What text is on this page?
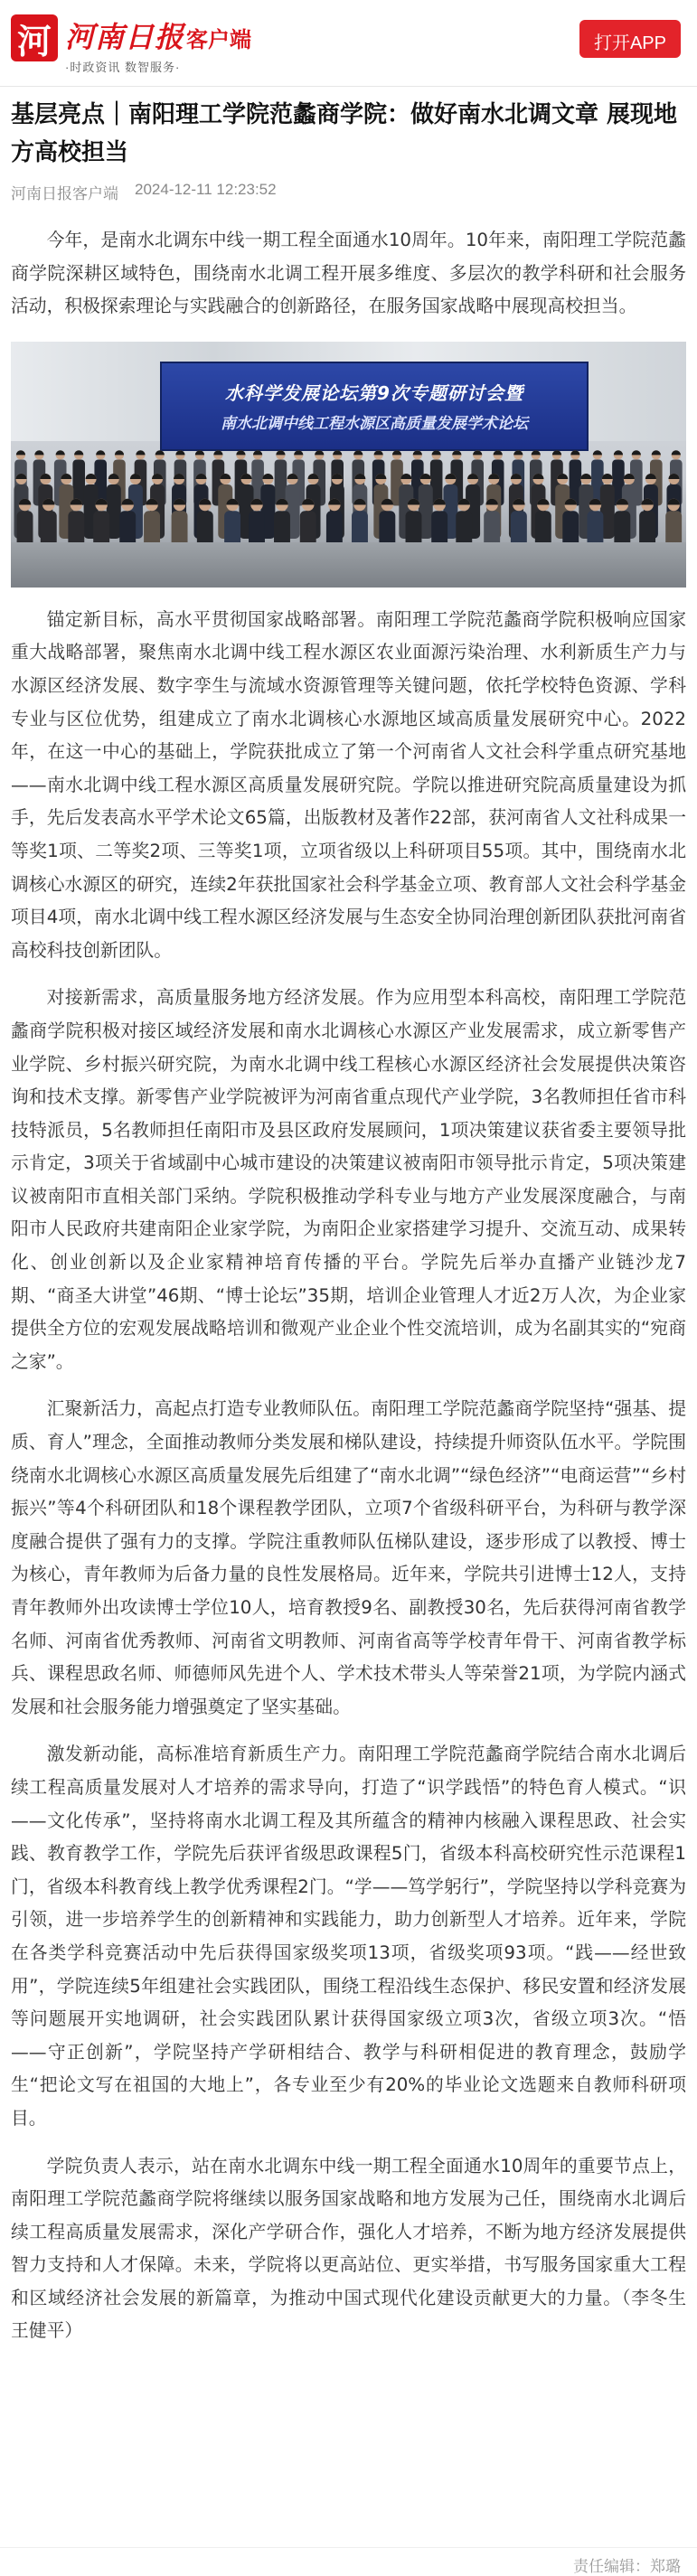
河 河南日报 客户端
·时政资讯 数智服务·
打开APP
基层亮点｜南阳理工学院范蠡商学院：做好南水北调文章 展现地方高校担当
河南日报客户端 2024-12-11 12:23:52

今年，是南水北调东中线一期工程全面通水10周年。10年来，南阳理工学院范蠡商学院深耕区域特色，围绕南水北调工程开展多维度、多层次的教学科研和社会服务活动，积极探索理论与实践融合的创新路径，在服务国家战略中展现高校担当。

水科学发展论坛第9次专题研讨会暨
南水北调中线工程水源区高质量发展学术论坛

锚定新目标，高水平贯彻国家战略部署。南阳理工学院范蠡商学院积极响应国家重大战略部署，聚焦南水北调中线工程水源区农业面源污染治理、水利新质生产力与水源区经济发展、数字孪生与流域水资源管理等关键问题，依托学校特色资源、学科专业与区位优势，组建成立了南水北调核心水源地区域高质量发展研究中心。2022年，在这一中心的基础上，学院获批成立了第一个河南省人文社会科学重点研究基地——南水北调中线工程水源区高质量发展研究院。学院以推进研究院高质量建设为抓手，先后发表高水平学术论文65篇，出版教材及著作22部，获河南省人文社科成果一等奖1项、二等奖2项、三等奖1项，立项省级以上科研项目55项。其中，围绕南水北调核心水源区的研究，连续2年获批国家社会科学基金立项、教育部人文社会科学基金项目4项，南水北调中线工程水源区经济发展与生态安全协同治理创新团队获批河南省高校科技创新团队。

对接新需求，高质量服务地方经济发展。作为应用型本科高校，南阳理工学院范蠡商学院积极对接区域经济发展和南水北调核心水源区产业发展需求，成立新零售产业学院、乡村振兴研究院，为南水北调中线工程核心水源区经济社会发展提供决策咨询和技术支撑。新零售产业学院被评为河南省重点现代产业学院，3名教师担任省市科技特派员，5名教师担任南阳市及县区政府发展顾问，1项决策建议获省委主要领导批示肯定，3项关于省域副中心城市建设的决策建议被南阳市领导批示肯定，5项决策建议被南阳市直相关部门采纳。学院积极推动学科专业与地方产业发展深度融合，与南阳市人民政府共建南阳企业家学院，为南阳企业家搭建学习提升、交流互动、成果转化、创业创新以及企业家精神培育传播的平台。学院先后举办直播产业链沙龙7期、“商圣大讲堂”46期、“博士论坛”35期，培训企业管理人才近2万人次，为企业家提供全方位的宏观发展战略培训和微观产业企业个性交流培训，成为名副其实的“宛商之家”。

汇聚新活力，高起点打造专业教师队伍。南阳理工学院范蠡商学院坚持“强基、提质、育人”理念，全面推动教师分类发展和梯队建设，持续提升师资队伍水平。学院围绕南水北调核心水源区高质量发展先后组建了“南水北调”“绿色经济”“电商运营”“乡村振兴”等4个科研团队和18个课程教学团队，立项7个省级科研平台，为科研与教学深度融合提供了强有力的支撑。学院注重教师队伍梯队建设，逐步形成了以教授、博士为核心，青年教师为后备力量的良性发展格局。近年来，学院共引进博士12人，支持青年教师外出攻读博士学位10人，培育教授9名、副教授30名，先后获得河南省教学名师、河南省优秀教师、河南省文明教师、河南省高等学校青年骨干、河南省教学标兵、课程思政名师、师德师风先进个人、学术技术带头人等荣誉21项，为学院内涵式发展和社会服务能力增强奠定了坚实基础。

激发新动能，高标准培育新质生产力。南阳理工学院范蠡商学院结合南水北调后续工程高质量发展对人才培养的需求导向，打造了“识学践悟”的特色育人模式。“识——文化传承”，坚持将南水北调工程及其所蕴含的精神内核融入课程思政、社会实践、教育教学工作，学院先后获评省级思政课程5门，省级本科高校研究性示范课程1门，省级本科教育线上教学优秀课程2门。“学——笃学躬行”，学院坚持以学科竞赛为引领，进一步培养学生的创新精神和实践能力，助力创新型人才培养。近年来，学院在各类学科竞赛活动中先后获得国家级奖项13项，省级奖项93项。“践——经世致用”，学院连续5年组建社会实践团队，围绕工程沿线生态保护、移民安置和经济发展等问题展开实地调研，社会实践团队累计获得国家级立项3次，省级立项3次。“悟——守正创新”，学院坚持产学研相结合、教学与科研相促进的教育理念，鼓励学生“把论文写在祖国的大地上”，各专业至少有20%的毕业论文选题来自教师科研项目。

学院负责人表示，站在南水北调东中线一期工程全面通水10周年的重要节点上，南阳理工学院范蠡商学院将继续以服务国家战略和地方发展为己任，围绕南水北调后续工程高质量发展需求，深化产学研合作，强化人才培养，不断为地方经济发展提供智力支持和人才保障。未来，学院将以更高站位、更实举措，书写服务国家重大工程和区域经济社会发展的新篇章，为推动中国式现代化建设贡献更大的力量。（李冬生 王健平）

责任编辑：郑璐
